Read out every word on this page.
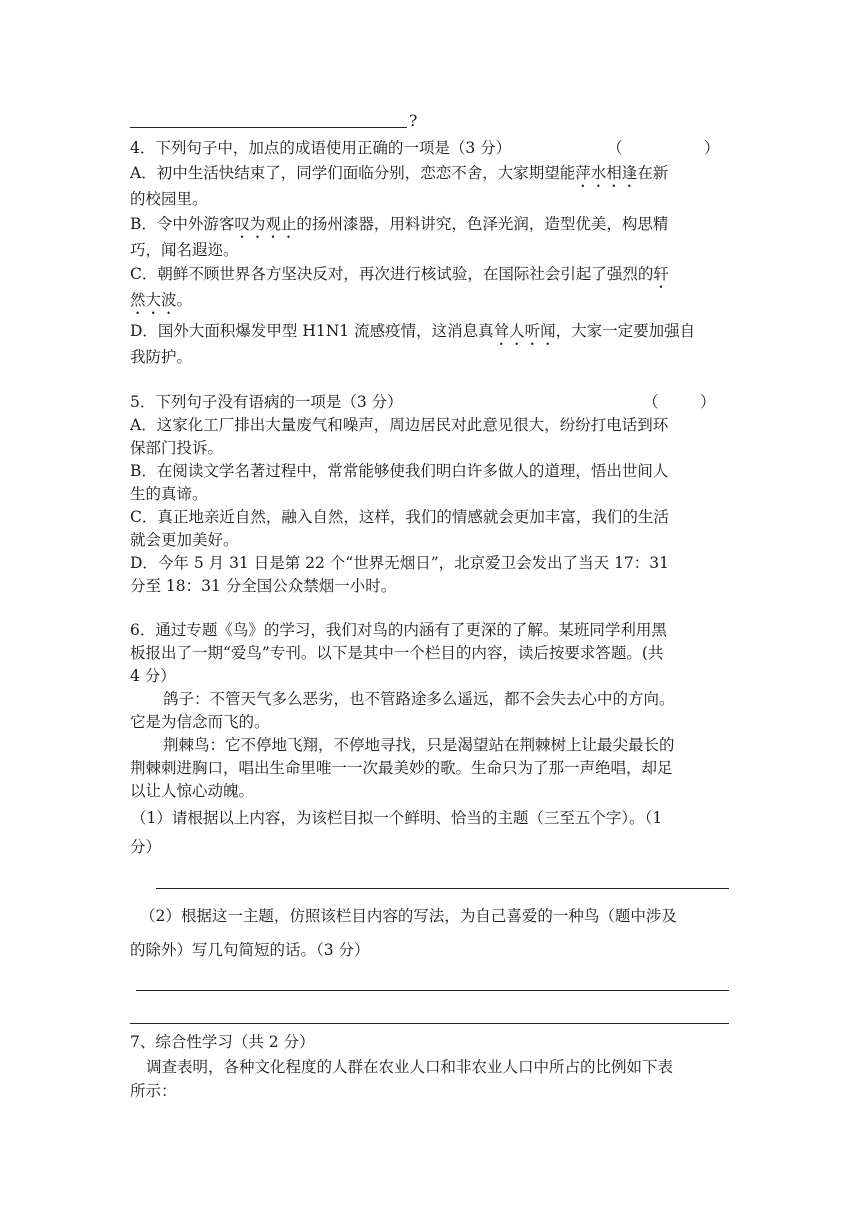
?
4．下列句子中，加点的成语使用正确的一项是（3 分）	（	）
A．初中生活快结束了，同学们面临分别，恋恋不舍，大家期望能萍水相逢在新
的校园里。
B．令中外游客叹为观止的扬州漆器，用料讲究，色泽光润，造型优美，构思精
巧，闻名遐迩。
C．朝鲜不顾世界各方坚决反对，再次进行核试验，在国际社会引起了强烈的轩
然大波。
D．国外大面积爆发甲型 H1N1 流感疫情，这消息真耸人听闻，大家一定要加强自
我防护。
5．下列句子没有语病的一项是（3 分）	（	）
A．这家化工厂排出大量废气和噪声，周边居民对此意见很大，纷纷打电话到环
保部门投诉。
B．在阅读文学名著过程中，常常能够使我们明白许多做人的道理，悟出世间人
生的真谛。
C．真正地亲近自然，融入自然，这样，我们的情感就会更加丰富，我们的生活
就会更加美好。
D．今年 5 月 31 日是第 22 个“世界无烟日”，北京爱卫会发出了当天 17：31
分至 18：31 分全国公众禁烟一小时。
6．通过专题《鸟》的学习，我们对鸟的内涵有了更深的了解。某班同学利用黑
板报出了一期“爱鸟”专刊。以下是其中一个栏目的内容，读后按要求答题。(共
4 分）
鸽子：不管天气多么恶劣，也不管路途多么遥远，都不会失去心中的方向。
它是为信念而飞的。
荆棘鸟：它不停地飞翔，不停地寻找，只是渴望站在荆棘树上让最尖最长的
荆棘刺进胸口，唱出生命里唯一一次最美妙的歌。生命只为了那一声绝唱，却足
以让人惊心动魄。
（1）请根据以上内容，为该栏目拟一个鲜明、恰当的主题（三至五个字）。（1
分）
（2）根据这一主题，仿照该栏目内容的写法，为自己喜爱的一种鸟（题中涉及
的除外）写几句简短的话。（3 分）
7、综合性学习（共 2 分）
调查表明，各种文化程度的人群在农业人口和非农业人口中所占的比例如下表
所示：
